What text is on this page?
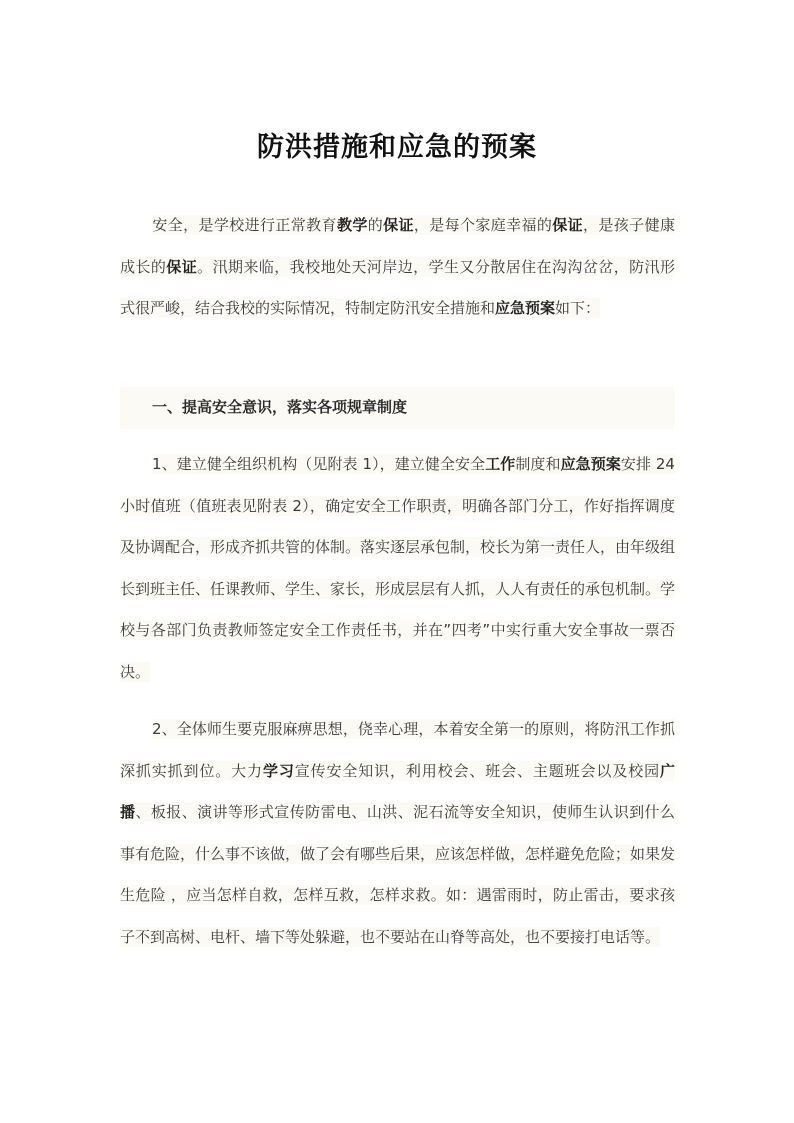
防洪措施和应急的预案
安全，是学校进行正常教育教学的保证，是每个家庭幸福的保证，是孩子健康成长的保证。汛期来临，我校地处天河岸边，学生又分散居住在沟沟岔岔，防汛形式很严峻，结合我校的实际情况，特制定防汛安全措施和应急预案如下：
一、提高安全意识，落实各项规章制度
1、建立健全组织机构（见附表 1），建立健全安全工作制度和应急预案安排 24 小时值班（值班表见附表 2），确定安全工作职责，明确各部门分工，作好指挥调度及协调配合，形成齐抓共管的体制。落实逐层承包制，校长为第一责任人，由年级组长到班主任、任课教师、学生、家长，形成层层有人抓，人人有责任的承包机制。学校与各部门负责教师签定安全工作责任书，并在”四考”中实行重大安全事故一票否决。
2、全体师生要克服麻痹思想，侥幸心理，本着安全第一的原则，将防汛工作抓深抓实抓到位。大力学习宣传安全知识，利用校会、班会、主题班会以及校园广播、板报、演讲等形式宣传防雷电、山洪、泥石流等安全知识，使师生认识到什么事有危险，什么事不该做，做了会有哪些后果，应该怎样做，怎样避免危险；如果发生危险 ，应当怎样自救，怎样互救，怎样求救。如：遇雷雨时，防止雷击，要求孩子不到高树、电杆、墙下等处躲避，也不要站在山脊等高处，也不要接打电话等。
